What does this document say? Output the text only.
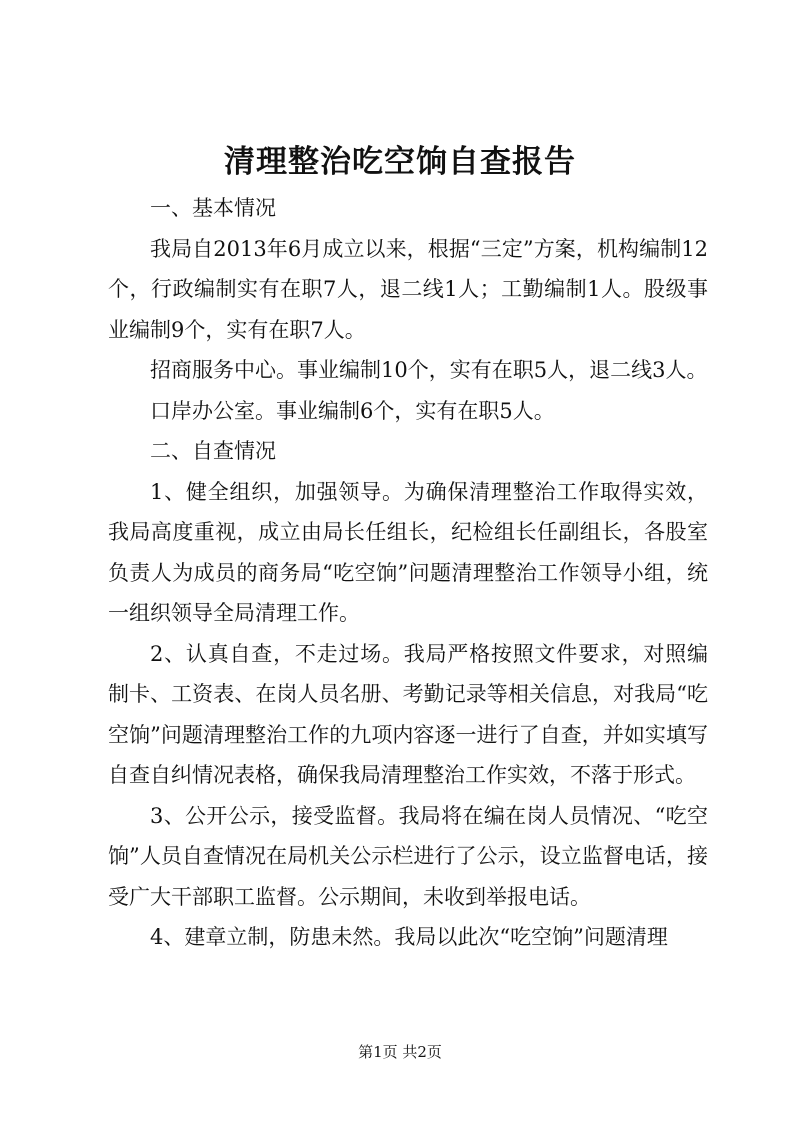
清理整治吃空饷自查报告

一、基本情况

我局自2013年6月成立以来，根据“三定”方案，机构编制12个，行政编制实有在职7人，退二线1人；工勤编制1人。股级事业编制9个，实有在职7人。

招商服务中心。事业编制10个，实有在职5人，退二线3人。

口岸办公室。事业编制6个，实有在职5人。

二、自查情况

1、健全组织，加强领导。为确保清理整治工作取得实效，我局高度重视，成立由局长任组长，纪检组长任副组长，各股室负责人为成员的商务局“吃空饷”问题清理整治工作领导小组，统一组织领导全局清理工作。

2、认真自查，不走过场。我局严格按照文件要求，对照编制卡、工资表、在岗人员名册、考勤记录等相关信息，对我局“吃空饷”问题清理整治工作的九项内容逐一进行了自查，并如实填写自查自纠情况表格，确保我局清理整治工作实效，不落于形式。

3、公开公示，接受监督。我局将在编在岗人员情况、“吃空饷”人员自查情况在局机关公示栏进行了公示，设立监督电话，接受广大干部职工监督。公示期间，未收到举报电话。

4、建章立制，防患未然。我局以此次“吃空饷”问题清理

第1页 共2页
